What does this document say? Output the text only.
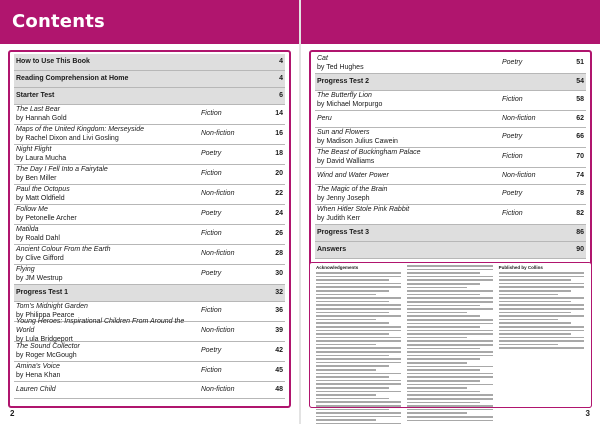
Contents
How to Use This Book	4
Reading Comprehension at Home	4
Starter Test	6
The Last Bear
by Hannah Gold
Fiction	14
Maps of the United Kingdom: Merseyside
by Rachel Dixon and Livi Gosling
Non-fiction	16
Night Flight
by Laura Mucha
Poetry	18
The Day I Fell Into a Fairytale
by Ben Miller
Fiction	20
Paul the Octopus
by Matt Oldfield
Non-fiction	22
Follow Me
by Petonelle Archer
Poetry	24
Matilda
by Roald Dahl
Fiction	26
Ancient Colour From the Earth
by Clive Gifford
Non-fiction	28
Flying
by JM Westrup
Poetry	30
Progress Test 1	32
Tom's Midnight Garden
by Philippa Pearce
Fiction	36
Young Heroes: Inspirational Children From Around the World
by Lula Bridgeport
Non-fiction	39
The Sound Collector
by Roger McGough
Poetry	42
Amina's Voice
by Hena Khan
Fiction	45
Lauren Child	Non-fiction	48
2
Cat
by Ted Hughes
Poetry	51
Progress Test 2	54
The Butterfly Lion
by Michael Morpurgo
Fiction	58
Peru	Non-fiction	62
Sun and Flowers
by Madison Julius Cawein
Poetry	66
The Beast of Buckingham Palace
by David Walliams
Fiction	70
Wind and Water Power	Non-fiction	74
The Magic of the Brain
by Jenny Joseph
Poetry	78
When Hitler Stole Pink Rabbit
by Judith Kerr
Fiction	82
Progress Test 3	86
Answers	90
Acknowledgements	Published by Collins
3
